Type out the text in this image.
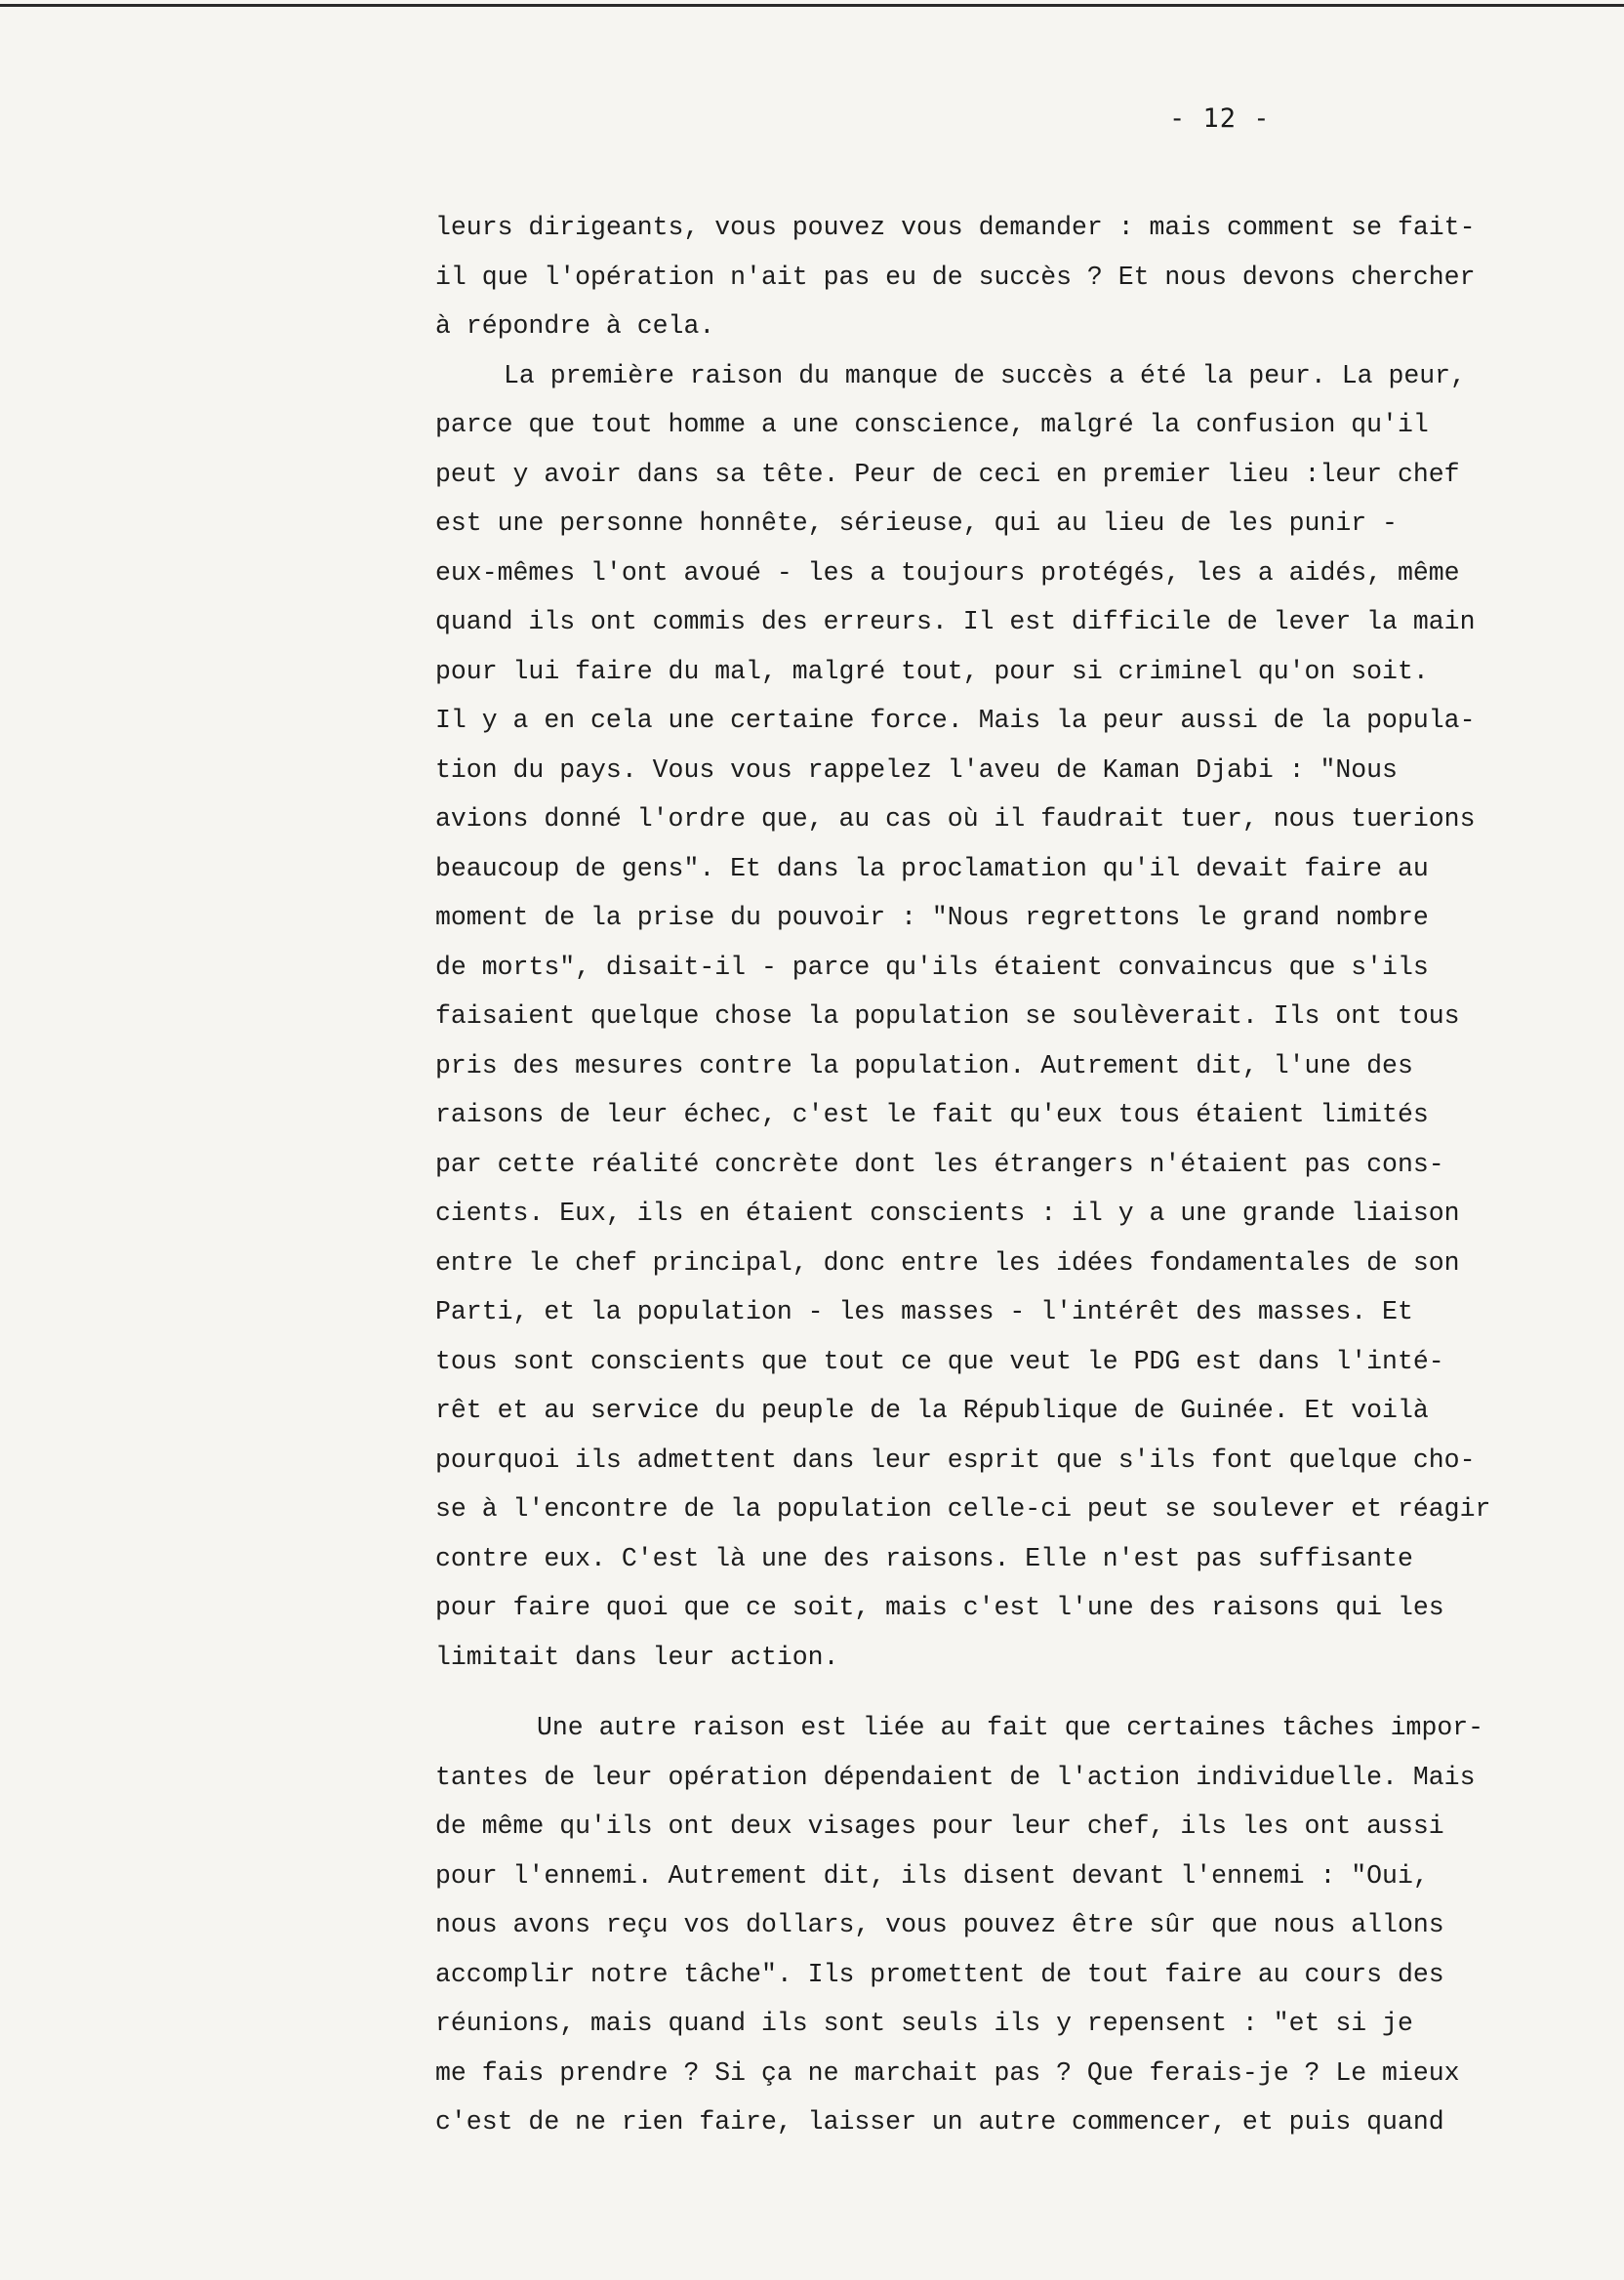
- 12 -
leurs dirigeants, vous pouvez vous demander : mais comment se fait-
il que l'opération n'ait pas eu de succès ? Et nous devons chercher
à répondre à cela.
La première raison du manque de succès a été la peur. La peur,
parce que tout homme a une conscience, malgré la confusion qu'il
peut y avoir dans sa tête. Peur de ceci en premier lieu :leur chef
est une personne honnête, sérieuse, qui au lieu de les punir -
eux-mêmes l'ont avoué - les a toujours protégés, les a aidés, même
quand ils ont commis des erreurs. Il est difficile de lever la main
pour lui faire du mal, malgré tout, pour si criminel qu'on soit.
Il y a en cela une certaine force. Mais la peur aussi de la popula-
tion du pays. Vous vous rappelez l'aveu de Kaman Djabi : "Nous
avions donné l'ordre que, au cas où il faudrait tuer, nous tuerions
beaucoup de gens". Et dans la proclamation qu'il devait faire au
moment de la prise du pouvoir : "Nous regrettons le grand nombre
de morts", disait-il - parce qu'ils étaient convaincus que s'ils
faisaient quelque chose la population se soulèverait. Ils ont tous
pris des mesures contre la population. Autrement dit, l'une des
raisons de leur échec, c'est le fait qu'eux tous étaient limités
par cette réalité concrète dont les étrangers n'étaient pas cons-
cients. Eux, ils en étaient conscients : il y a une grande liaison
entre le chef principal, donc entre les idées fondamentales de son
Parti, et la population - les masses - l'intérêt des masses. Et
tous sont conscients que tout ce que veut le PDG est dans l'inté-
rêt et au service du peuple de la République de Guinée. Et voilà
pourquoi ils admettent dans leur esprit que s'ils font quelque cho-
se à l'encontre de la population celle-ci peut se soulever et réagir
contre eux. C'est là une des raisons. Elle n'est pas suffisante
pour faire quoi que ce soit, mais c'est l'une des raisons qui les
limitait dans leur action.
Une autre raison est liée au fait que certaines tâches impor-
tantes de leur opération dépendaient de l'action individuelle. Mais
de même qu'ils ont deux visages pour leur chef, ils les ont aussi
pour l'ennemi. Autrement dit, ils disent devant l'ennemi : "Oui,
nous avons reçu vos dollars, vous pouvez être sûr que nous allons
accomplir notre tâche". Ils promettent de tout faire au cours des
réunions, mais quand ils sont seuls ils y repensent : "et si je
me fais prendre ? Si ça ne marchait pas ? Que ferais-je ? Le mieux
c'est de ne rien faire, laisser un autre commencer, et puis quand
